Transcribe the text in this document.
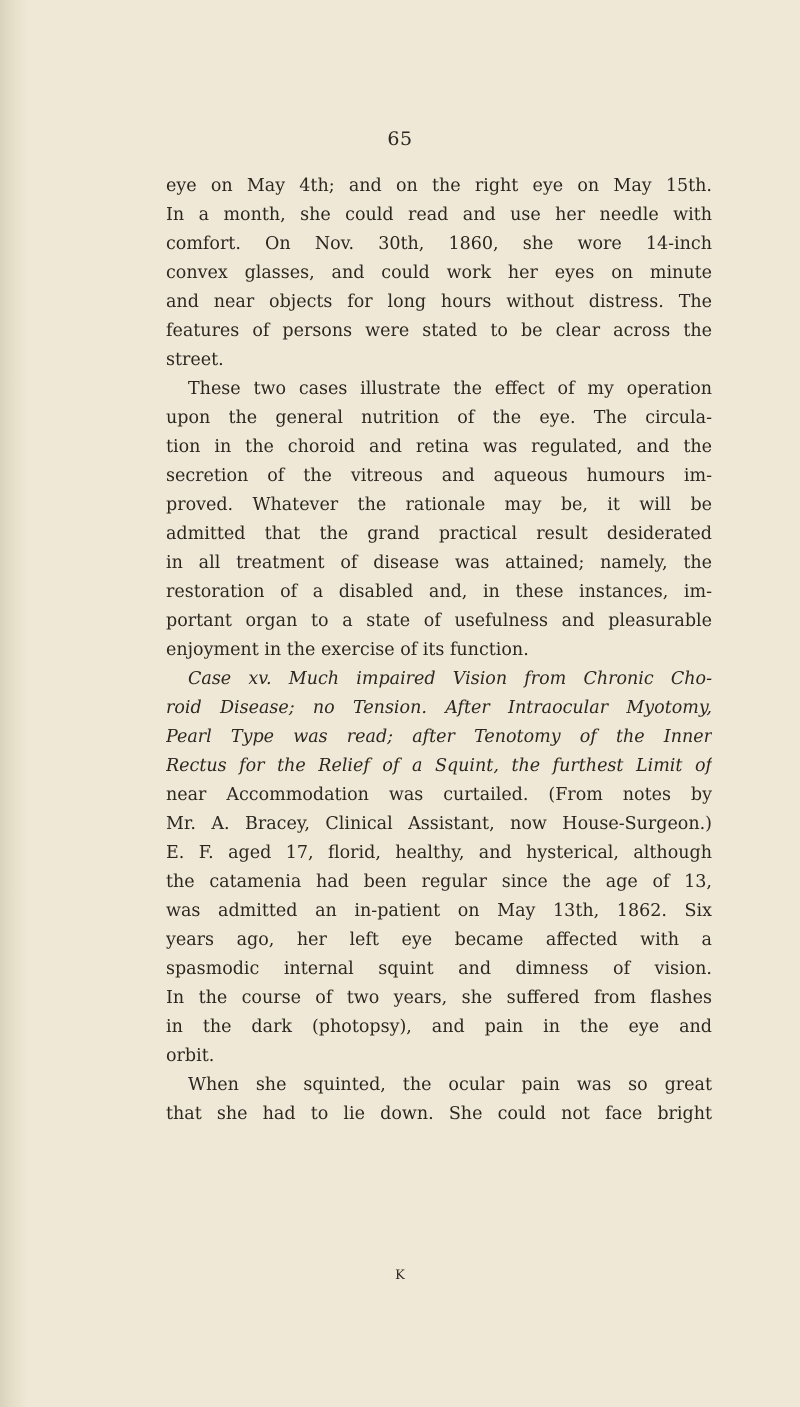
65
eye on May 4th; and on the right eye on May 15th.
In a month, she could read and use her needle with
comfort. On Nov. 30th, 1860, she wore 14-inch
convex glasses, and could work her eyes on minute
and near objects for long hours without distress. The
features of persons were stated to be clear across the
street.
These two cases illustrate the effect of my operation
upon the general nutrition of the eye. The circula-
tion in the choroid and retina was regulated, and the
secretion of the vitreous and aqueous humours im-
proved. Whatever the rationale may be, it will be
admitted that the grand practical result desiderated
in all treatment of disease was attained; namely, the
restoration of a disabled and, in these instances, im-
portant organ to a state of usefulness and pleasurable
enjoyment in the exercise of its function.
Case xv. Much impaired Vision from Chronic Cho-
roid Disease; no Tension. After Intraocular Myotomy,
Pearl Type was read; after Tenotomy of the Inner
Rectus for the Relief of a Squint, the furthest Limit of
near Accommodation was curtailed. (From notes by
Mr. A. Bracey, Clinical Assistant, now House-Surgeon.)
E. F. aged 17, florid, healthy, and hysterical, although
the catamenia had been regular since the age of 13,
was admitted an in-patient on May 13th, 1862. Six
years ago, her left eye became affected with a
spasmodic internal squint and dimness of vision.
In the course of two years, she suffered from flashes
in the dark (photopsy), and pain in the eye and
orbit.
When she squinted, the ocular pain was so great
that she had to lie down. She could not face bright
K
